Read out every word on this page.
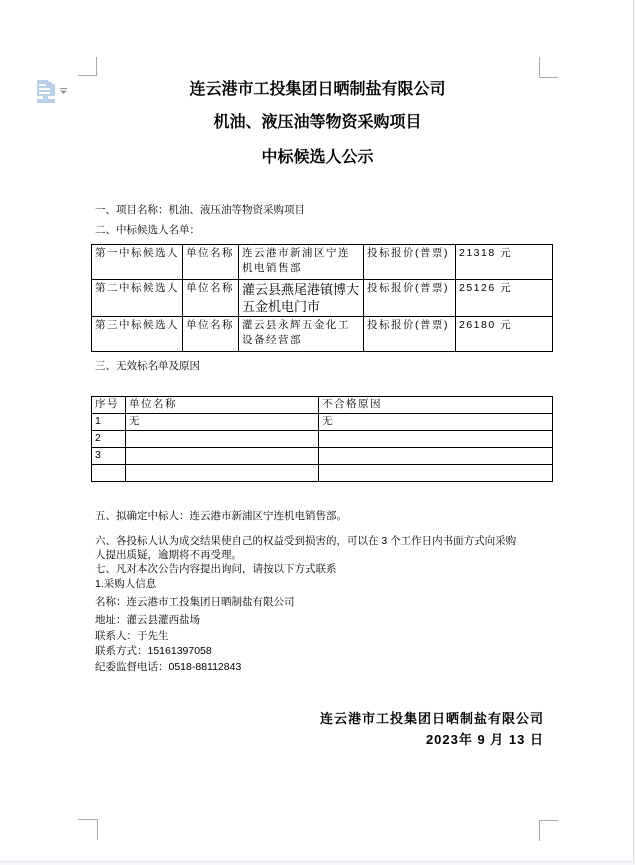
连云港市工投集团日晒制盐有限公司
机油、液压油等物资采购项目
中标候选人公示
一、项目名称：机油、液压油等物资采购项目
二、中标候选人名单：
第一中标候选人	单位名称	连云港市新浦区宁连机电销售部	投标报价(普票)	21318 元
第二中标候选人	单位名称	灌云县燕尾港镇博大五金机电门市	投标报价(普票)	25126 元
第三中标候选人	单位名称	灌云县永辉五金化工设备经营部	投标报价(普票)	26180 元
三、无效标名单及原因
序号	单位名称	不合格原因
1	无	无
2		
3		

五、拟确定中标人：连云港市新浦区宁连机电销售部。
六、各投标人认为成交结果使自己的权益受到损害的，可以在 3 个工作日内书面方式向采购
人提出质疑，逾期将不再受理。
七、凡对本次公告内容提出询问，请按以下方式联系
1.采购人信息
名称：连云港市工投集团日晒制盐有限公司
地址：灌云县灌西盐场
联系人：于先生
联系方式：15161397058
纪委监督电话：0518-88112843
连云港市工投集团日晒制盐有限公司
2023年 9 月 13 日
